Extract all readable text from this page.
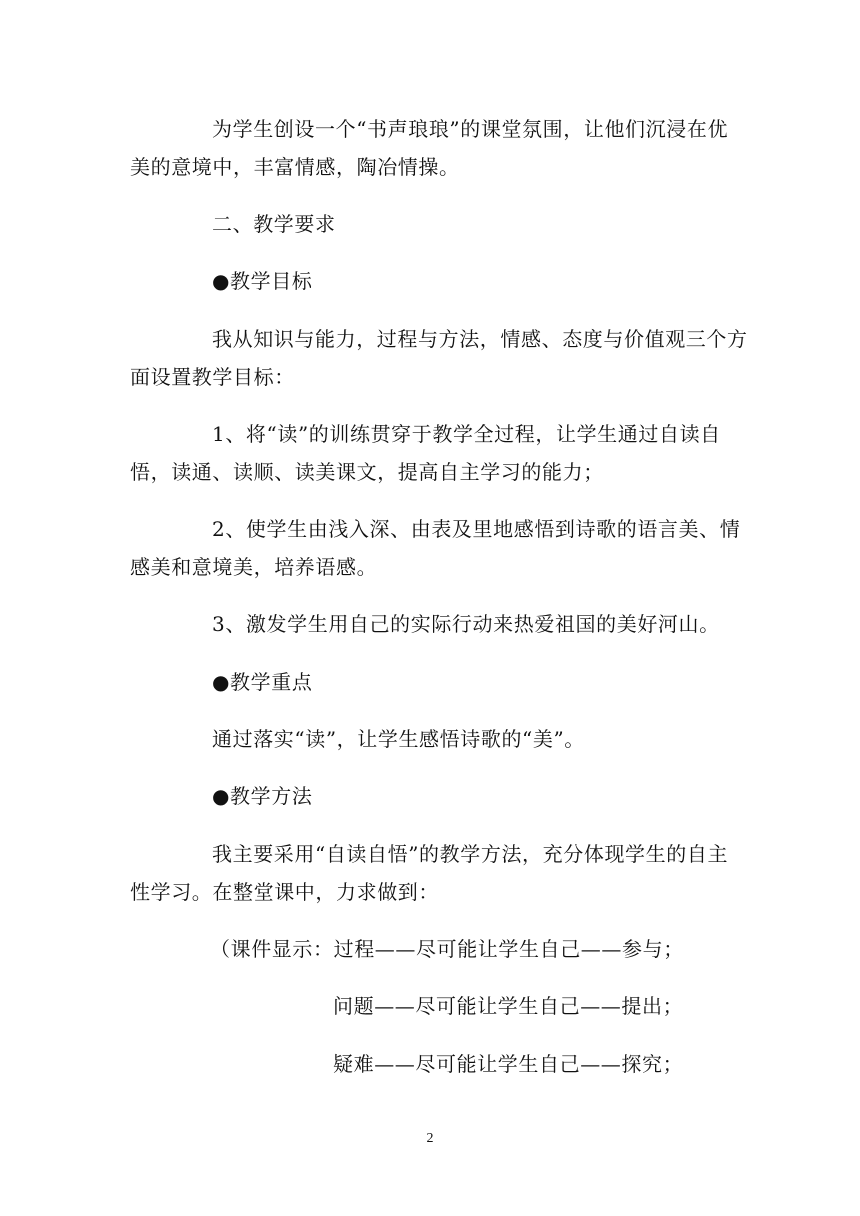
为学生创设一个“书声琅琅”的课堂氛围，让他们沉浸在优
美的意境中，丰富情感，陶冶情操。
二、教学要求
●教学目标
我从知识与能力，过程与方法，情感、态度与价值观三个方
面设置教学目标：
1、将“读”的训练贯穿于教学全过程，让学生通过自读自
悟，读通、读顺、读美课文，提高自主学习的能力；
2、使学生由浅入深、由表及里地感悟到诗歌的语言美、情
感美和意境美，培养语感。
3、激发学生用自己的实际行动来热爱祖国的美好河山。
●教学重点
通过落实“读”，让学生感悟诗歌的“美”。
●教学方法
我主要采用“自读自悟”的教学方法，充分体现学生的自主
性学习。在整堂课中，力求做到：
（课件显示：过程——尽可能让学生自己——参与；
问题——尽可能让学生自己——提出；
疑难——尽可能让学生自己——探究；
2
